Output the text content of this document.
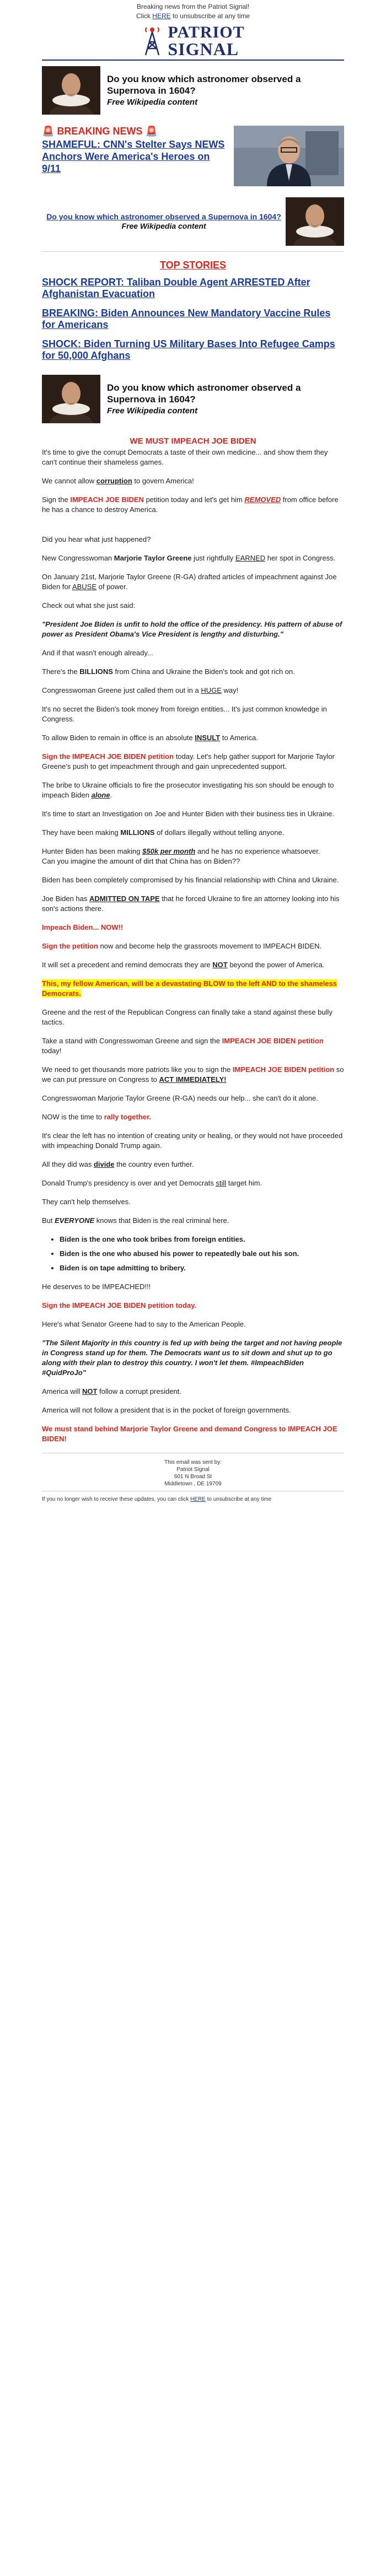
Breaking news from the Patriot Signal!
Click HERE to unsubscribe at any time
PATRIOT
SIGNAL
Do you know which astronomer observed a Supernova in 1604?
Free Wikipedia content
🚨 BREAKING NEWS 🚨
SHAMEFUL: CNN's Stelter Says NEWS Anchors Were America's Heroes on 9/11
Do you know which astronomer observed a Supernova in 1604?
Free Wikipedia content
TOP STORIES
SHOCK REPORT: Taliban Double Agent ARRESTED After Afghanistan Evacuation
BREAKING: Biden Announces New Mandatory Vaccine Rules for Americans
SHOCK: Biden Turning US Military Bases Into Refugee Camps for 50,000 Afghans
Do you know which astronomer observed a Supernova in 1604?
Free Wikipedia content
WE MUST IMPEACH JOE BIDEN

It's time to give the corrupt Democrats a taste of their own medicine... and show them they can't continue their shameless games.

We cannot allow corruption to govern America!

Sign the IMPEACH JOE BIDEN petition today and let's get him REMOVED from office before he has a chance to destroy America.

Did you hear what just happened?

New Congresswoman Marjorie Taylor Greene just rightfully EARNED her spot in Congress.

On January 21st, Marjorie Taylor Greene (R-GA) drafted articles of impeachment against Joe Biden for ABUSE of power.

Check out what she just said:

"President Joe Biden is unfit to hold the office of the presidency. His pattern of abuse of power as President Obama's Vice President is lengthy and disturbing."

And if that wasn't enough already...

There's the BILLIONS from China and Ukraine the Biden's took and got rich on.

Congresswoman Greene just called them out in a HUGE way!

It's no secret the Biden's took money from foreign entities... It's just common knowledge in Congress.

To allow Biden to remain in office is an absolute INSULT to America.

Sign the IMPEACH JOE BIDEN petition today. Let's help gather support for Marjorie Taylor Greene's push to get impeachment through and gain unprecedented support.

The bribe to Ukraine officials to fire the prosecutor investigating his son should be enough to impeach Biden alone.

It's time to start an Investigation on Joe and Hunter Biden with their business ties in Ukraine.

They have been making MILLIONS of dollars illegally without telling anyone.

Hunter Biden has been making $50k per month and he has no experience whatsoever.
Can you imagine the amount of dirt that China has on Biden??

Biden has been completely compromised by his financial relationship with China and Ukraine.

Joe Biden has ADMITTED ON TAPE that he forced Ukraine to fire an attorney looking into his son's actions there.

Impeach Biden... NOW!!

Sign the petition now and become help the grassroots movement to IMPEACH BIDEN.

It will set a precedent and remind democrats they are NOT beyond the power of America.

This, my fellow American, will be a devastating BLOW to the left AND to the shameless Democrats.

Greene and the rest of the Republican Congress can finally take a stand against these bully tactics.

Take a stand with Congresswoman Greene and sign the IMPEACH JOE BIDEN petition today!

We need to get thousands more patriots like you to sign the IMPEACH JOE BIDEN petition so we can put pressure on Congress to ACT IMMEDIATELY!

Congresswoman Marjorie Taylor Greene (R-GA) needs our help... she can't do it alone.

NOW is the time to rally together.

It's clear the left has no intention of creating unity or healing, or they would not have proceeded with impeaching Donald Trump again.

All they did was divide the country even further.

Donald Trump's presidency is over and yet Democrats still target him.

They can't help themselves.

But EVERYONE knows that Biden is the real criminal here.

• Biden is the one who took bribes from foreign entities.
• Biden is the one who abused his power to repeatedly bale out his son.
• Biden is on tape admitting to bribery.

He deserves to be IMPEACHED!!!

Sign the IMPEACH JOE BIDEN petition today.

Here's what Senator Greene had to say to the American People.

"The Silent Majority in this country is fed up with being the target and not having people in Congress stand up for them. The Democrats want us to sit down and shut up to go along with their plan to destroy this country. I won't let them. #ImpeachBiden #QuidProJo"

America will NOT follow a corrupt president.

America will not follow a president that is in the pocket of foreign governments.

We must stand behind Marjorie Taylor Greene and demand Congress to IMPEACH JOE BIDEN!

This email was sent by:
Patriot Signal
601 N Broad St
Middletown , DE 19709
If you no longer wish to receive these updates, you can click HERE to unsubscribe at any time
